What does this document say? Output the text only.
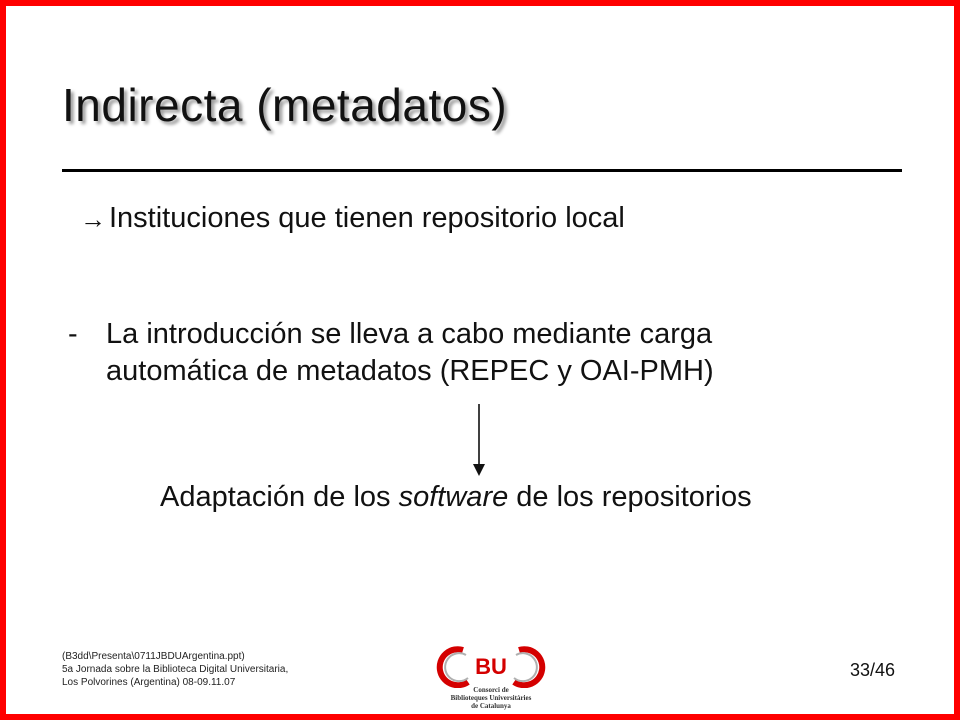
Indirecta (metadatos)
→ Instituciones que tienen repositorio local
- La introducción se lleva a cabo mediante carga
automática de metadatos (REPEC y OAI-PMH)
Adaptación de los software de los repositorios
(B3dd\Presenta\0711JBDUArgentina.ppt)
5a Jornada sobre la Biblioteca Digital Universitaria,
Los Polvorines (Argentina) 08-09.11.07
BU
Consorci de
Biblioteques Universitàries
de Catalunya
33/46
